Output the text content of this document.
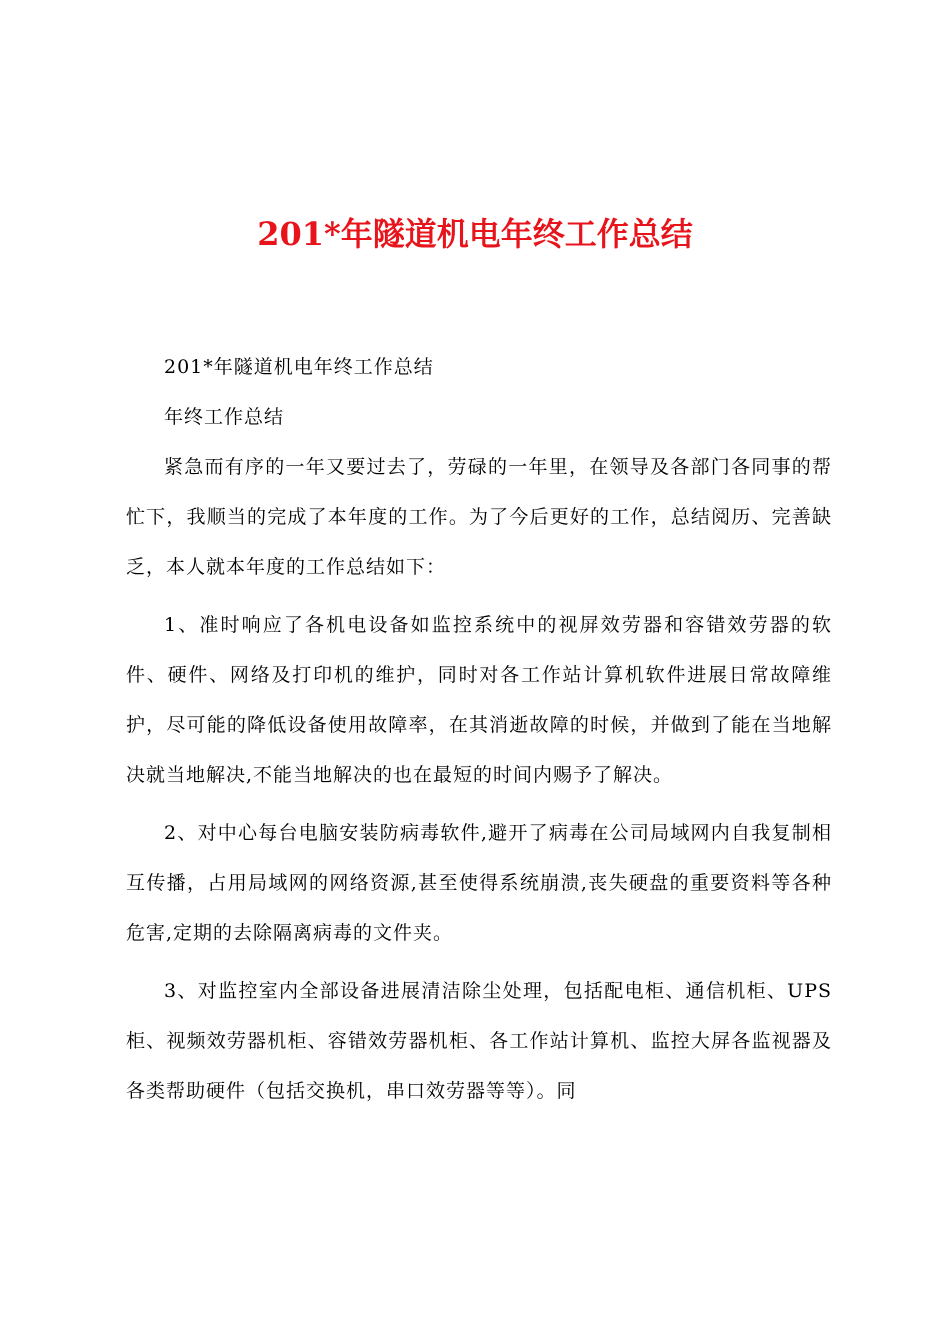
201*年隧道机电年终工作总结

201*年隧道机电年终工作总结

年终工作总结

紧急而有序的一年又要过去了，劳碌的一年里，在领导及各部门各同事的帮忙下，我顺当的完成了本年度的工作。为了今后更好的工作，总结阅历、完善缺乏，本人就本年度的工作总结如下：

1、准时响应了各机电设备如监控系统中的视屏效劳器和容错效劳器的软件、硬件、网络及打印机的维护，同时对各工作站计算机软件进展日常故障维护，尽可能的降低设备使用故障率，在其消逝故障的时候，并做到了能在当地解决就当地解决,不能当地解决的也在最短的时间内赐予了解决。

2、对中心每台电脑安装防病毒软件,避开了病毒在公司局域网内自我复制相互传播，占用局域网的网络资源,甚至使得系统崩溃,丧失硬盘的重要资料等各种危害,定期的去除隔离病毒的文件夹。

3、对监控室内全部设备进展清洁除尘处理，包括配电柜、通信机柜、UPS柜、视频效劳器机柜、容错效劳器机柜、各工作站计算机、监控大屏各监视器及各类帮助硬件（包括交换机，串口效劳器等等）。同
